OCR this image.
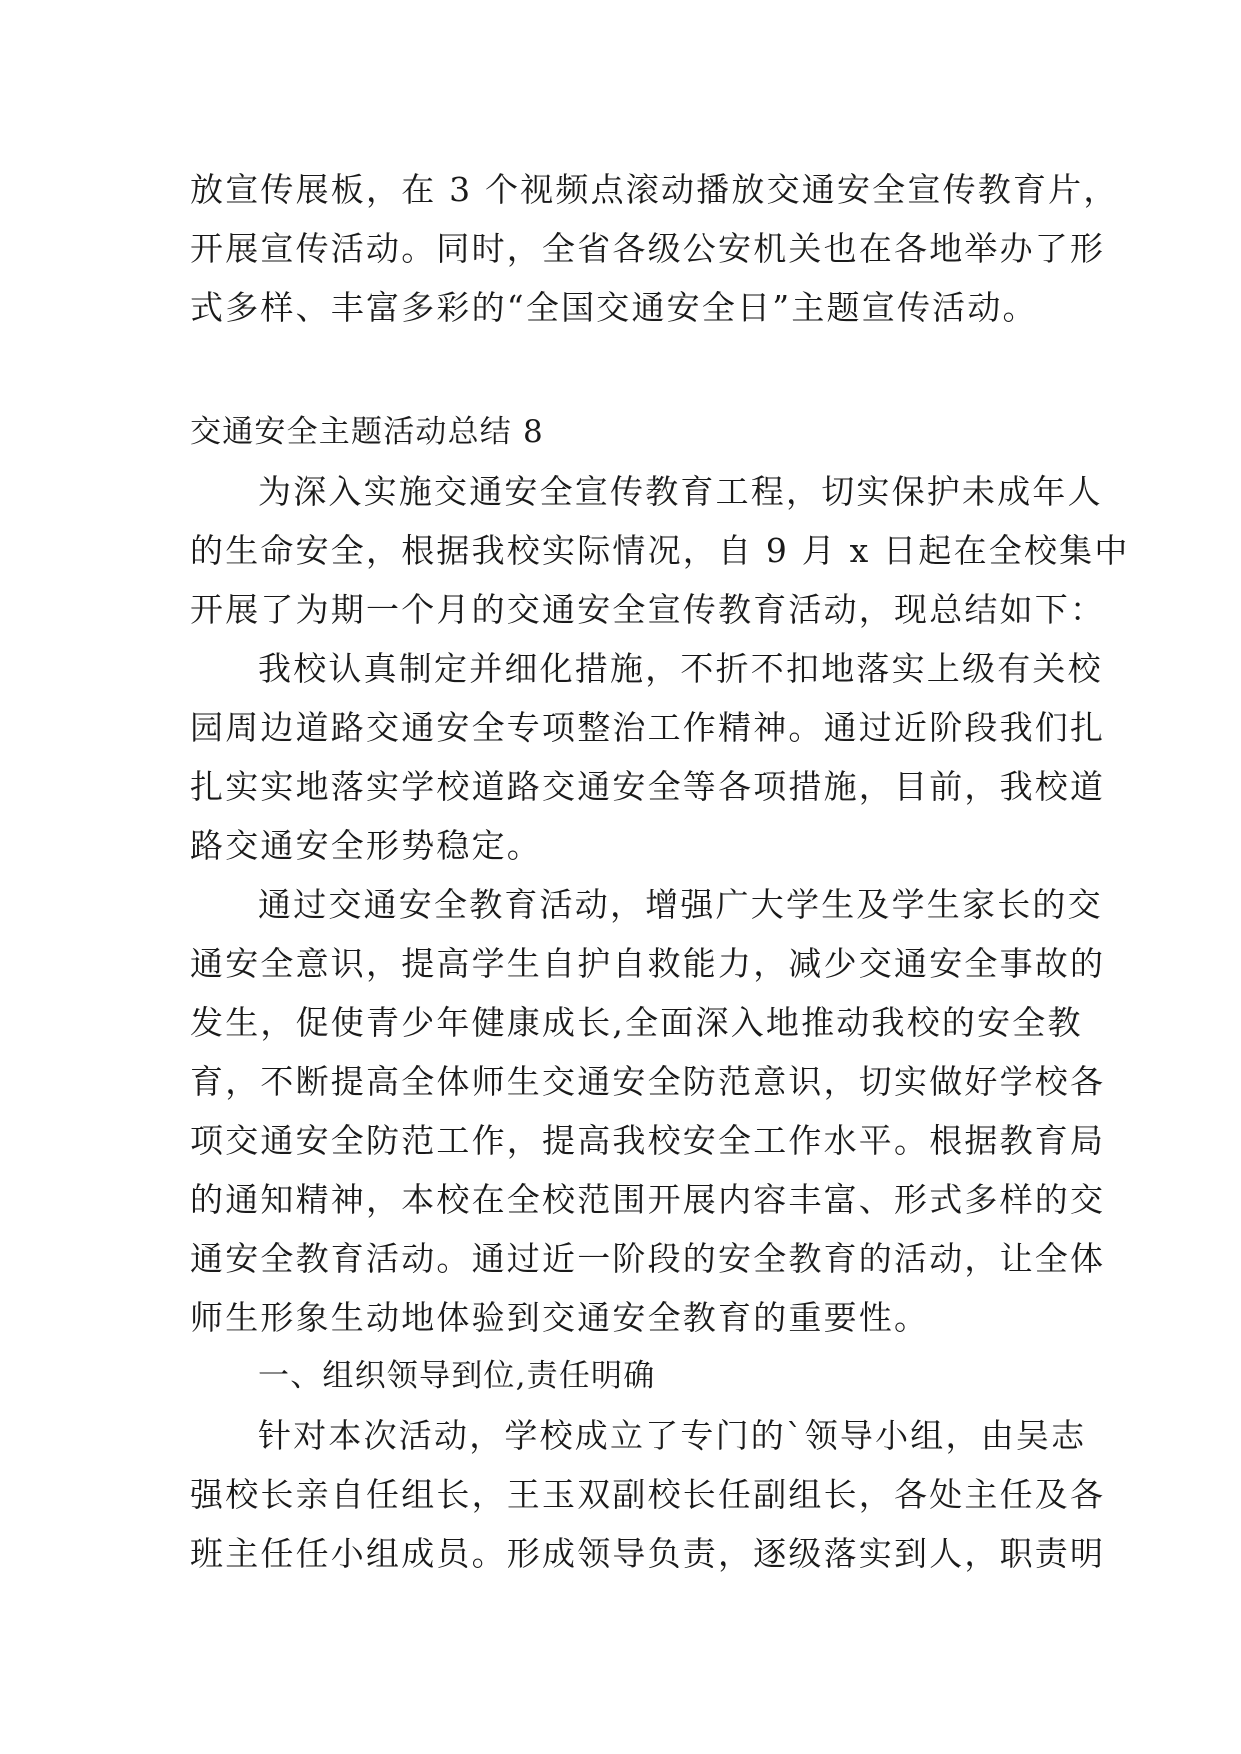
放宣传展板，在 3 个视频点滚动播放交通安全宣传教育片，
开展宣传活动。同时，全省各级公安机关也在各地举办了形
式多样、丰富多彩的“全国交通安全日”主题宣传活动。
交通安全主题活动总结 8
为深入实施交通安全宣传教育工程，切实保护未成年人
的生命安全，根据我校实际情况，自 9 月 x 日起在全校集中
开展了为期一个月的交通安全宣传教育活动，现总结如下：
我校认真制定并细化措施，不折不扣地落实上级有关校
园周边道路交通安全专项整治工作精神。通过近阶段我们扎
扎实实地落实学校道路交通安全等各项措施，目前，我校道
路交通安全形势稳定。
通过交通安全教育活动，增强广大学生及学生家长的交
通安全意识，提高学生自护自救能力，减少交通安全事故的
发生，促使青少年健康成长,全面深入地推动我校的安全教
育，不断提高全体师生交通安全防范意识，切实做好学校各
项交通安全防范工作，提高我校安全工作水平。根据教育局
的通知精神，本校在全校范围开展内容丰富、形式多样的交
通安全教育活动。通过近一阶段的安全教育的活动，让全体
师生形象生动地体验到交通安全教育的重要性。
一、组织领导到位,责任明确
针对本次活动，学校成立了专门的`领导小组，由吴志
强校长亲自任组长，王玉双副校长任副组长，各处主任及各
班主任任小组成员。形成领导负责，逐级落实到人，职责明
